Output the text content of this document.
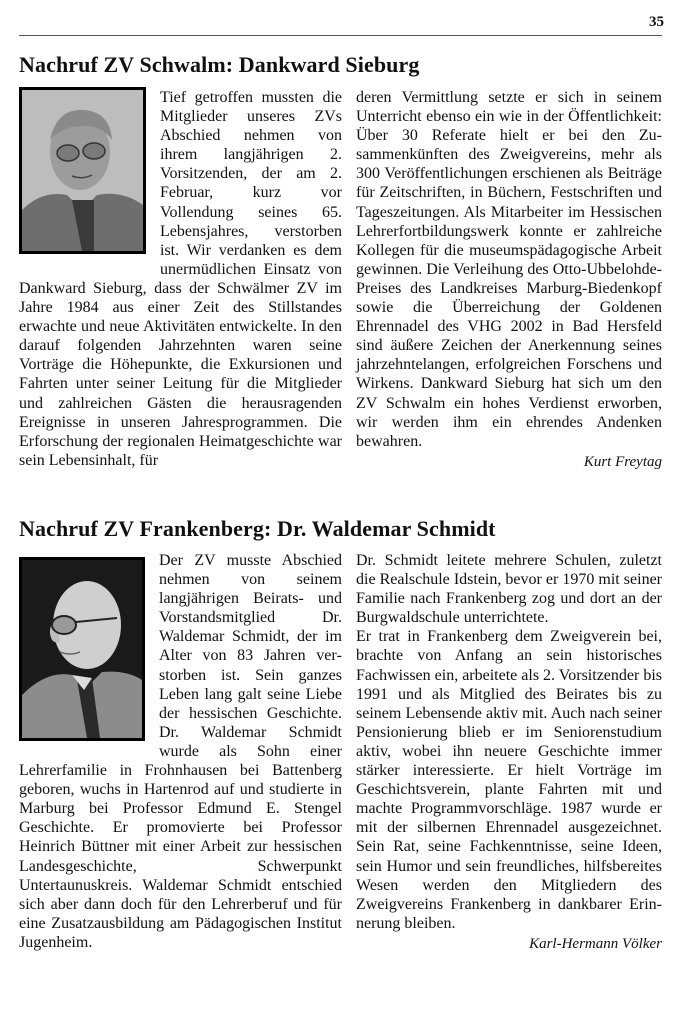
35
Nachruf ZV Schwalm: Dankward Sieburg

Tief getroffen mussten die Mitglieder unseres ZVs Abschied nehmen von ihrem langjährigen 2. Vorsitzenden, der am 2. Februar, kurz vor Vollendung seines 65. Lebensjahres, verstorben ist. Wir verdanken es dem unermüdlichen Einsatz von Dankward Sieburg, dass der Schwälmer ZV im Jahre 1984 aus einer Zeit des Stillstandes erwachte und neue Aktivitäten entwickelte. In den darauf folgenden Jahrzehnten waren seine Vorträge die Höhepunkte, die Exkursionen und Fahrten unter seiner Leitung für die Mitglieder und zahlreichen Gästen die herausragenden Ereignisse in unseren Jahresprogrammen. Die Erforschung der regionalen Heimatgeschichte war sein Lebensinhalt, für

deren Vermittlung setzte er sich in seinem Unterricht ebenso ein wie in der Öffentlichkeit: Über 30 Referate hielt er bei den Zusammenkünften des Zweigvereins, mehr als 300 Veröffentlichungen erschienen als Beiträge für Zeitschriften, in Büchern, Festschriften und Tageszeitungen. Als Mitarbeiter im Hessischen Lehrerfortbildungswerk konnte er zahlreiche Kollegen für die museumspädagogische Arbeit gewinnen. Die Verleihung des Otto-Ubbelohde-Preises des Landkreises Marburg-Biedenkopf sowie die Überreichung der Goldenen Ehrennadel des VHG 2002 in Bad Hersfeld sind äußere Zeichen der Anerkennung seines jahrzehntelangen, erfolgreichen Forschens und Wirkens. Dankward Sieburg hat sich um den ZV Schwalm ein hohes Verdienst erworben, wir werden ihm ein ehrendes Andenken bewahren.

Kurt Freytag

Nachruf ZV Frankenberg: Dr. Waldemar Schmidt

Der ZV musste Abschied nehmen von seinem langjährigen Beirats- und Vorstandsmitglied Dr. Waldemar Schmidt, der im Alter von 83 Jahren verstorben ist. Sein ganzes Leben lang galt seine Liebe der hessischen Geschichte. Dr. Waldemar Schmidt wurde als Sohn einer Lehrerfamilie in Frohnhausen bei Battenberg geboren, wuchs in Hartenrod auf und studierte in Marburg bei Professor Edmund E. Stengel Geschichte. Er promovierte bei Professor Heinrich Büttner mit einer Arbeit zur hessischen Landesgeschichte, Schwerpunkt Untertaunuskreis. Waldemar Schmidt entschied sich aber dann doch für den Lehrerberuf und für eine Zusatzausbildung am Pädagogischen Institut Jugenheim.

Dr. Schmidt leitete mehrere Schulen, zuletzt die Realschule Idstein, bevor er 1970 mit seiner Familie nach Frankenberg zog und dort an der Burgwaldschule unterrichtete.

Er trat in Frankenberg dem Zweigverein bei, brachte von Anfang an sein historisches Fachwissen ein, arbeitete als 2. Vorsitzender bis 1991 und als Mitglied des Beirates bis zu seinem Lebensende aktiv mit. Auch nach seiner Pensionierung blieb er im Seniorenstudium aktiv, wobei ihn neuere Geschichte immer stärker interessierte. Er hielt Vorträge im Geschichtsverein, plante Fahrten mit und machte Programmvorschläge. 1987 wurde er mit der silbernen Ehrennadel ausgezeichnet. Sein Rat, seine Fachkenntnisse, seine Ideen, sein Humor und sein freundliches, hilfsbereites Wesen werden den Mitgliedern des Zweigvereins Frankenberg in dankbarer Erinnerung bleiben.

Karl-Hermann Völker
